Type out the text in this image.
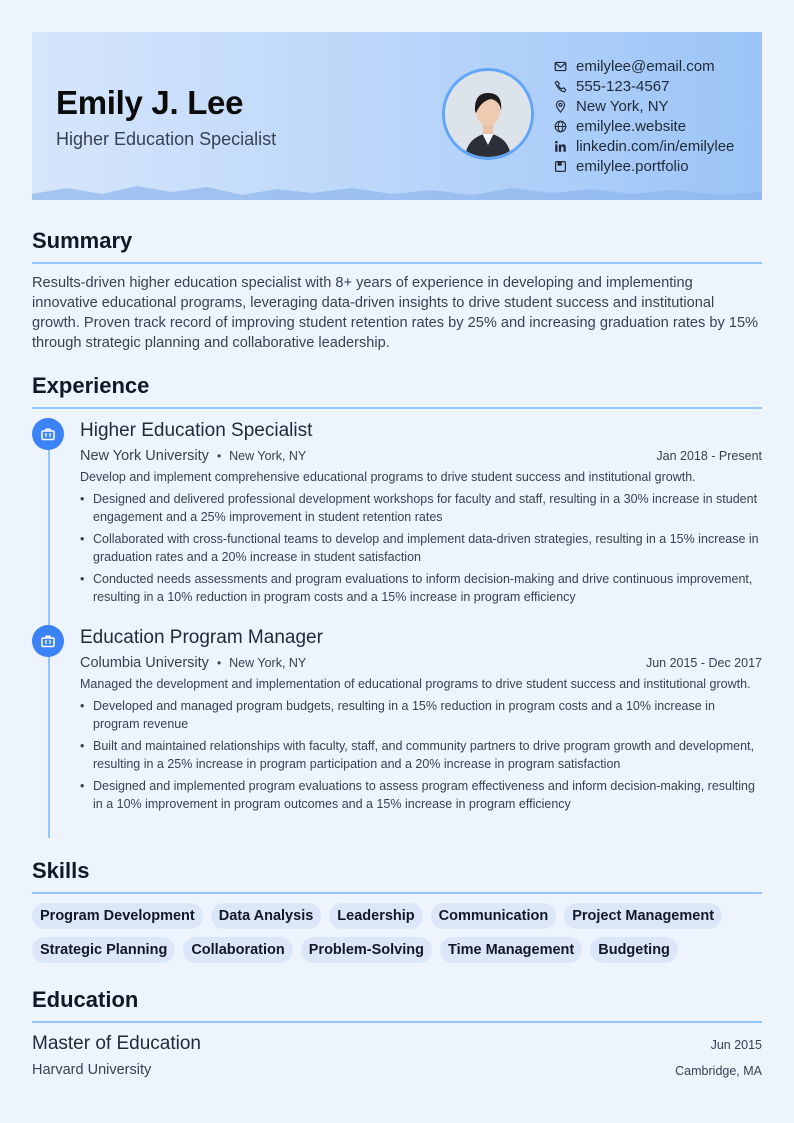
Emily J. Lee
Higher Education Specialist
emilylee@email.com
555-123-4567
New York, NY
emilylee.website
linkedin.com/in/emilylee
emilylee.portfolio
Summary
Results-driven higher education specialist with 8+ years of experience in developing and implementing innovative educational programs, leveraging data-driven insights to drive student success and institutional growth. Proven track record of improving student retention rates by 25% and increasing graduation rates by 15% through strategic planning and collaborative leadership.
Experience
Higher Education Specialist
New York University • New York, NY	Jan 2018 - Present
Develop and implement comprehensive educational programs to drive student success and institutional growth.
• Designed and delivered professional development workshops for faculty and staff, resulting in a 30% increase in student engagement and a 25% improvement in student retention rates
• Collaborated with cross-functional teams to develop and implement data-driven strategies, resulting in a 15% increase in graduation rates and a 20% increase in student satisfaction
• Conducted needs assessments and program evaluations to inform decision-making and drive continuous improvement, resulting in a 10% reduction in program costs and a 15% increase in program efficiency
Education Program Manager
Columbia University • New York, NY	Jun 2015 - Dec 2017
Managed the development and implementation of educational programs to drive student success and institutional growth.
• Developed and managed program budgets, resulting in a 15% reduction in program costs and a 10% increase in program revenue
• Built and maintained relationships with faculty, staff, and community partners to drive program growth and development, resulting in a 25% increase in program participation and a 20% increase in program satisfaction
• Designed and implemented program evaluations to assess program effectiveness and inform decision-making, resulting in a 10% improvement in program outcomes and a 15% increase in program efficiency
Skills
Program Development	Data Analysis	Leadership	Communication	Project Management
Strategic Planning	Collaboration	Problem-Solving	Time Management	Budgeting
Education
Master of Education	Jun 2015
Harvard University	Cambridge, MA
